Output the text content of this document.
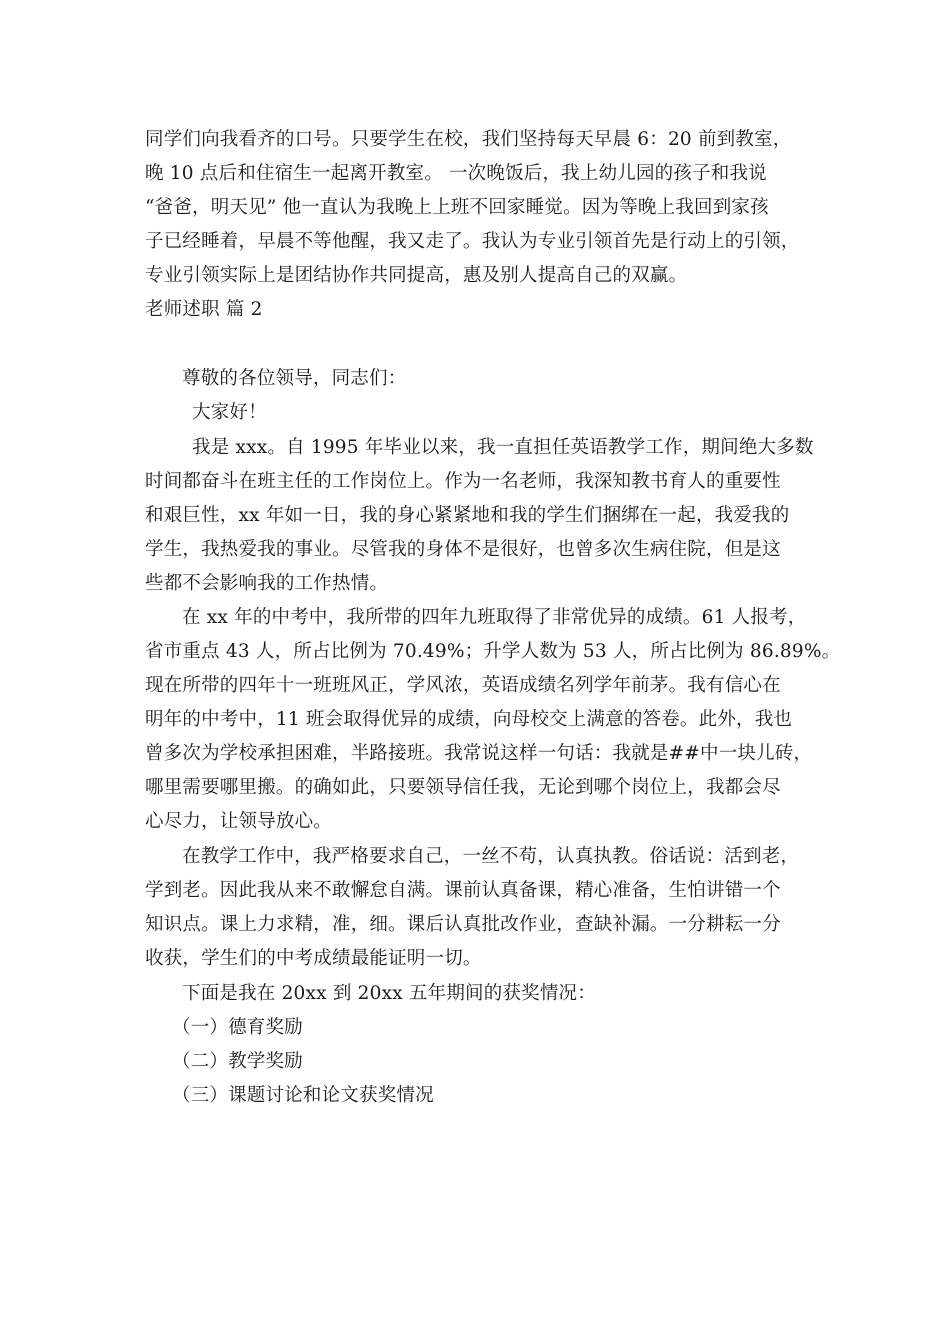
同学们向我看齐的口号。只要学生在校，我们坚持每天早晨 6：20 前到教室，
晚 10 点后和住宿生一起离开教室。 一次晚饭后，我上幼儿园的孩子和我说
“爸爸，明天见” 他一直认为我晚上上班不回家睡觉。因为等晚上我回到家孩
子已经睡着，早晨不等他醒，我又走了。我认为专业引领首先是行动上的引领，
专业引领实际上是团结协作共同提高，惠及别人提高自己的双赢。
老师述职 篇 2
尊敬的各位领导，同志们：
大家好！
我是 xxx。自 1995 年毕业以来，我一直担任英语教学工作，期间绝大多数
时间都奋斗在班主任的工作岗位上。作为一名老师，我深知教书育人的重要性
和艰巨性，xx 年如一日，我的身心紧紧地和我的学生们捆绑在一起，我爱我的
学生，我热爱我的事业。尽管我的身体不是很好，也曾多次生病住院，但是这
些都不会影响我的工作热情。
在 xx 年的中考中，我所带的四年九班取得了非常优异的成绩。61 人报考，
省市重点 43 人，所占比例为 70.49%；升学人数为 53 人，所占比例为 86.89%。
现在所带的四年十一班班风正，学风浓，英语成绩名列学年前茅。我有信心在
明年的中考中，11 班会取得优异的成绩，向母校交上满意的答卷。此外，我也
曾多次为学校承担困难，半路接班。我常说这样一句话：我就是##中一块儿砖，
哪里需要哪里搬。的确如此，只要领导信任我，无论到哪个岗位上，我都会尽
心尽力，让领导放心。
在教学工作中，我严格要求自己，一丝不苟，认真执教。俗话说：活到老，
学到老。因此我从来不敢懈怠自满。课前认真备课，精心准备，生怕讲错一个
知识点。课上力求精，准，细。课后认真批改作业，查缺补漏。一分耕耘一分
收获，学生们的中考成绩最能证明一切。
下面是我在 20xx 到 20xx 五年期间的获奖情况：
（一）德育奖励
（二）教学奖励
（三）课题讨论和论文获奖情况
